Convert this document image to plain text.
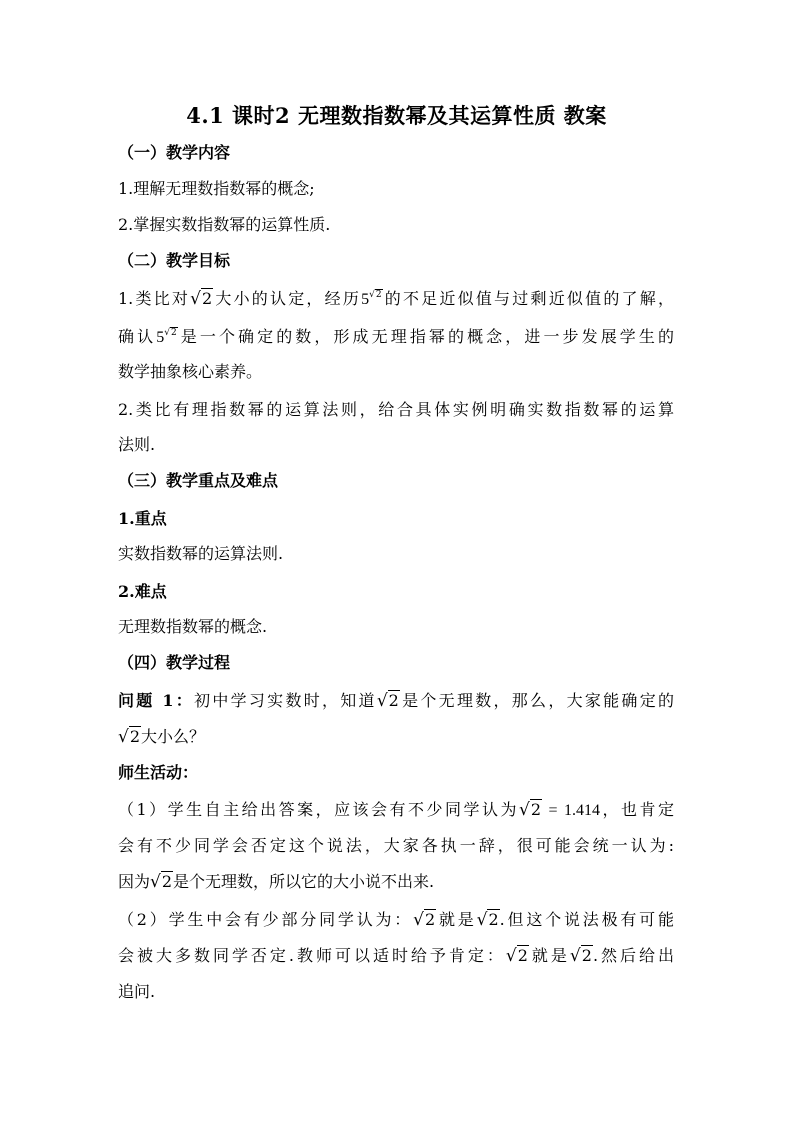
4.1 课时2 无理数指数幂及其运算性质 教案
（一）教学内容
1.理解无理数指数幂的概念;
2.掌握实数指数幂的运算性质.
（二）教学目标
1.类比对√2大小的认定，经历$5^{√2}$的不足近似值与过剩近似值的了解，
确认$5^{√2}$是一个确定的数，形成无理指幂的概念，进一步发展学生的
数学抽象核心素养。
2.类比有理指数幂的运算法则，给合具体实例明确实数指数幂的运算
法则.
（三）教学重点及难点
1.重点
实数指数幂的运算法则.
2.难点
无理数指数幂的概念.
（四）教学过程
问题 1：初中学习实数时，知道√2是个无理数，那么，大家能确定的
√2大小么？
师生活动：
（1）学生自主给出答案，应该会有不少同学认为√2 = 1.414，也肯定
会有不少同学会否定这个说法，大家各执一辞，很可能会统一认为:
因为√2是个无理数，所以它的大小说不出来.
（2）学生中会有少部分同学认为：√2就是√2.但这个说法极有可能
会被大多数同学否定.教师可以适时给予肯定：√2就是√2.然后给出
追问.
